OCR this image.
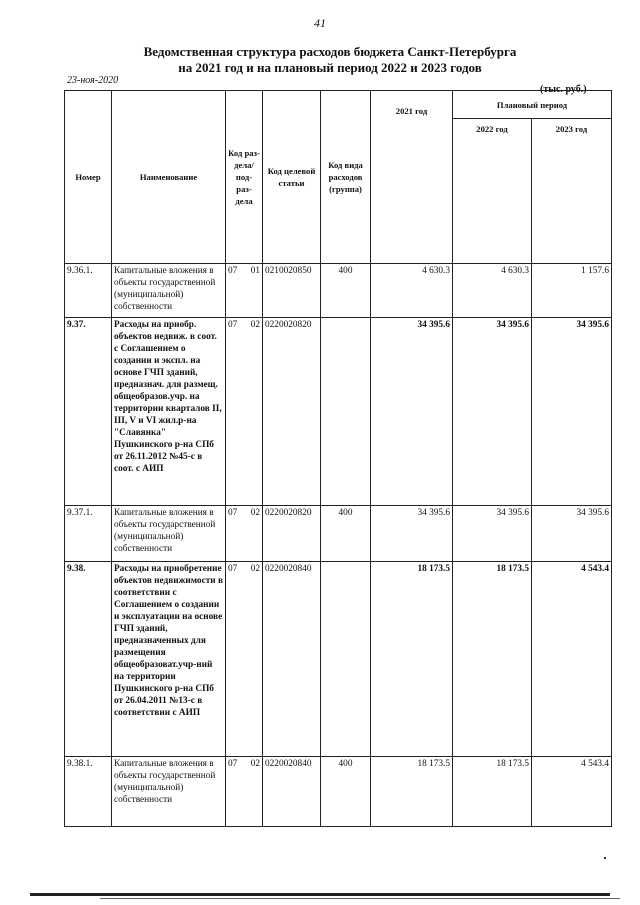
41
Ведомственная структура расходов бюджета Санкт-Петербурга
на 2021 год и на плановый период 2022 и 2023 годов
23-ноя-2020
(тыс. руб.)
Номер	Наименование	Код раз- дела/ под- раз- дела	Код целевой статьи	Код вида расходов (группа)	2021 год	Плановый период	
						2022 год	2023 год
9.36.1.	Капитальные вложения в объекты государственной (муниципальной) собственности	07 01	0210020850	400	4 630.3	4 630.3	1 157.6
9.37.	Расходы на приобр. объектов недвиж. в соот. с Соглашением о создании и экспл. на основе ГЧП зданий, предназнач. для размещ. общеобразов.учр. на территории кварталов II, III, V и VI жил.р-на "Славянка" Пушкинского р-на СПб от 26.11.2012 №45-с в соот. с АИП	07 02	0220020820		34 395.6	34 395.6	34 395.6
9.37.1.	Капитальные вложения в объекты государственной (муниципальной) собственности	07 02	0220020820	400	34 395.6	34 395.6	34 395.6
9.38.	Расходы на приобретение объектов недвижимости в соответствии с Соглашением о создании и эксплуатации на основе ГЧП зданий, предназначенных для размещения общеобразоват.учр-ний на территории Пушкинского р-на СПб от 26.04.2011 №13-с в соответствии с АИП	07 02	0220020840		18 173.5	18 173.5	4 543.4
9.38.1.	Капитальные вложения в объекты государственной (муниципальной) собственности	07 02	0220020840	400	18 173.5	18 173.5	4 543.4
